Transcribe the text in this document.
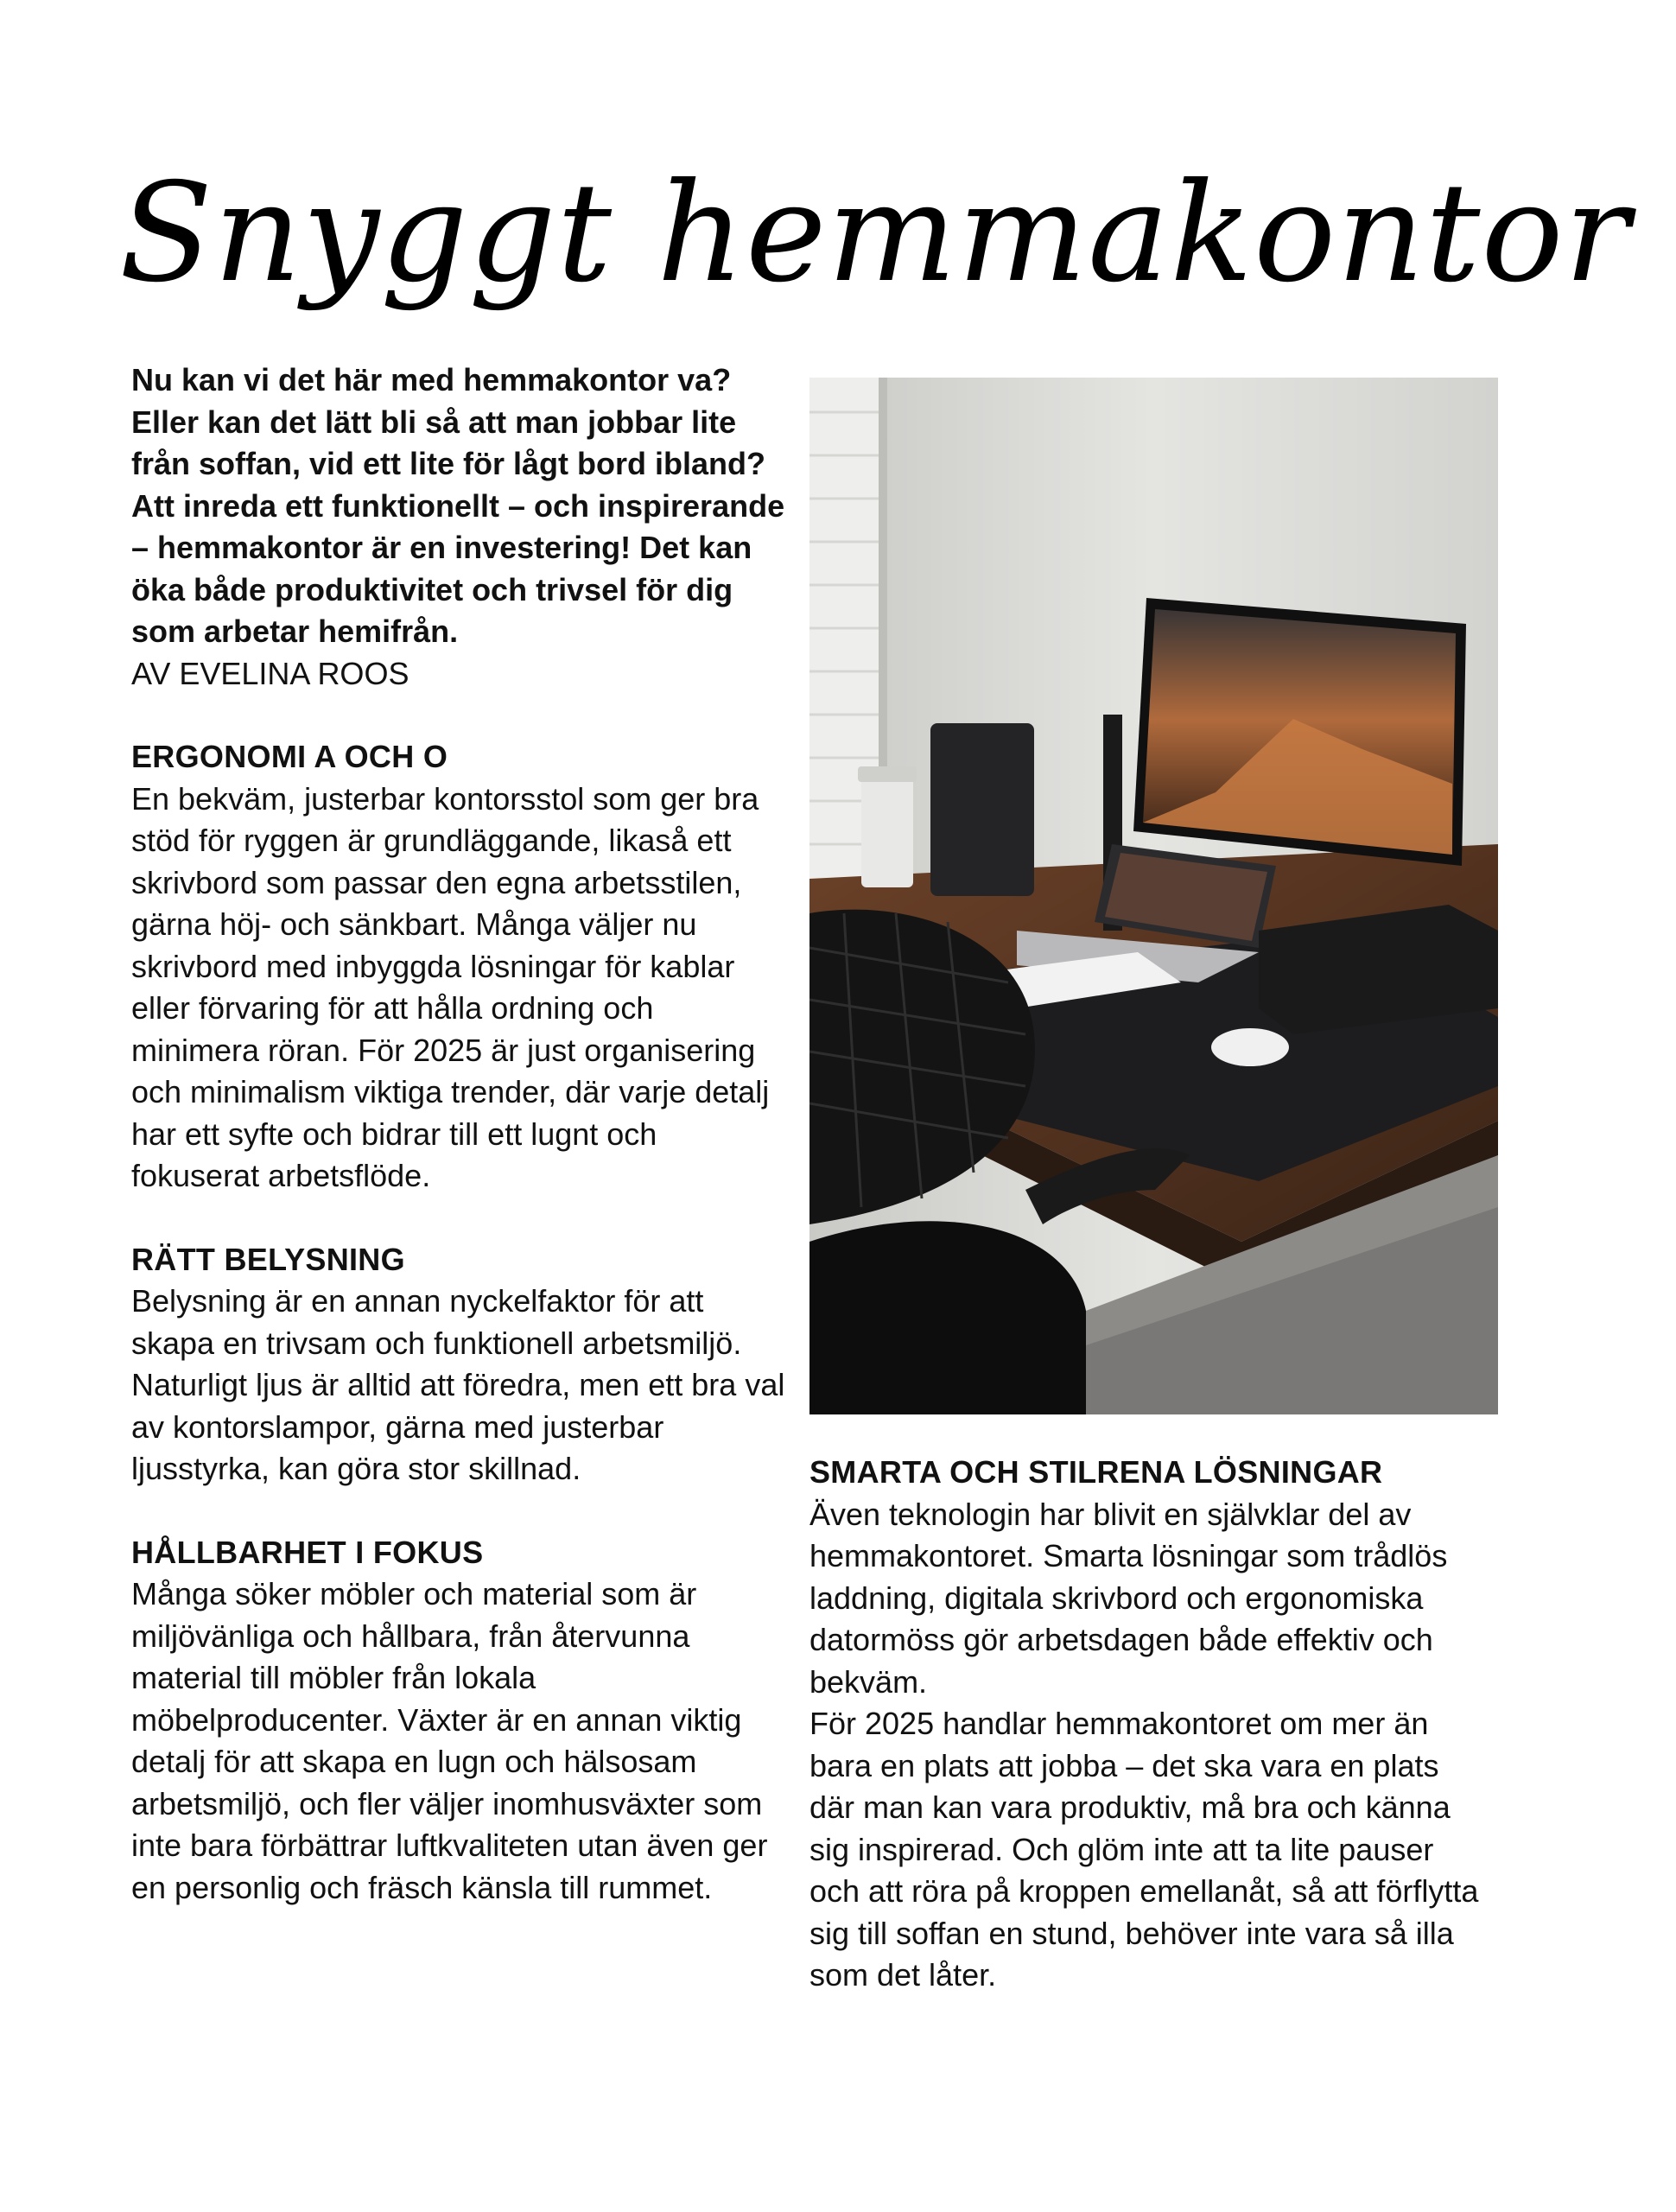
Snyggt hemmakontor

Nu kan vi det här med hemmakontor va? Eller kan det lätt bli så att man jobbar lite från soffan, vid ett lite för lågt bord ibland? Att inreda ett funktionellt – och inspirerande – hemmakontor är en investering! Det kan öka både produktivitet och trivsel för dig som arbetar hemifrån.

AV EVELINA ROOS

ERGONOMI A OCH O

En bekväm, justerbar kontorsstol som ger bra stöd för ryggen är grundläggande, likaså ett skrivbord som passar den egna arbetsstilen, gärna höj- och sänkbart. Många väljer nu skrivbord med inbyggda lösningar för kablar eller förvaring för att hålla ordning och minimera röran. För 2025 är just organisering och minimalism viktiga trender, där varje detalj har ett syfte och bidrar till ett lugnt och fokuserat arbetsflöde.

RÄTT BELYSNING

Belysning är en annan nyckelfaktor för att skapa en trivsam och funktionell arbetsmiljö. Naturligt ljus är alltid att föredra, men ett bra val av kontorslampor, gärna med justerbar ljusstyrka, kan göra stor skillnad.

HÅLLBARHET I FOKUS

Många söker möbler och material som är miljövänliga och hållbara, från återvunna material till möbler från lokala möbelproducenter. Växter är en annan viktig detalj för att skapa en lugn och hälsosam arbetsmiljö, och fler väljer inomhusväxter som inte bara förbättrar luftkvaliteten utan även ger en personlig och fräsch känsla till rummet.

SMARTA OCH STILRENA LÖSNINGAR

Även teknologin har blivit en självklar del av hemmakontoret. Smarta lösningar som trådlös laddning, digitala skrivbord och ergonomiska datormöss gör arbetsdagen både effektiv och bekväm.

För 2025 handlar hemmakontoret om mer än bara en plats att jobba – det ska vara en plats där man kan vara produktiv, må bra och känna sig inspirerad. Och glöm inte att ta lite pauser och att röra på kroppen emellanåt, så att förflytta sig till soffan en stund, behöver inte vara så illa som det låter.
